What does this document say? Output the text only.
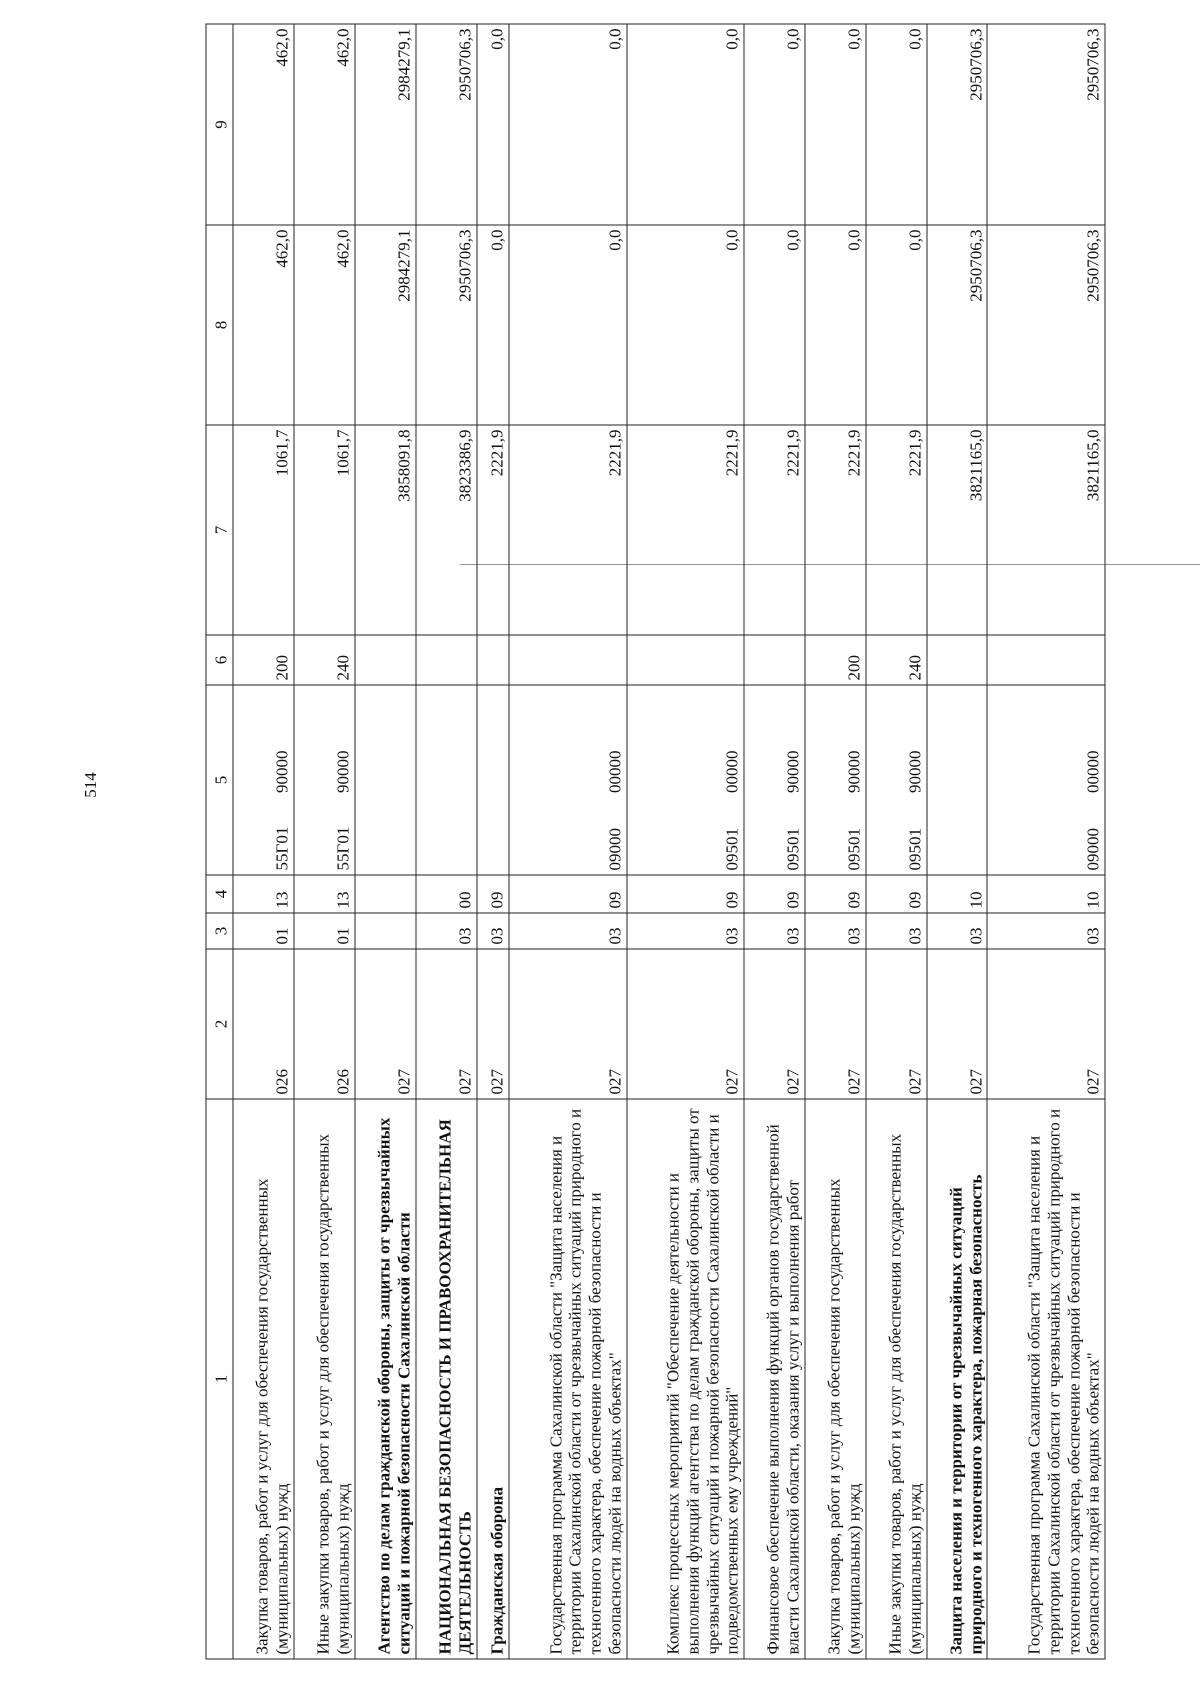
514
1	2	3	4	5	6	7	8	9
Закупка товаров, работ и услуг для обеспечения государственных (муниципальных) нужд	026	01	13	55Г0190000	200	1061,7	462,0	462,0
Иные закупки товаров, работ и услуг для обеспечения государственных (муниципальных) нужд	026	01	13	55Г0190000	240	1061,7	462,0	462,0
Агентство по делам гражданской обороны, защиты от чрезвычайных ситуаций и пожарной безопасности Сахалинской области	027					3858091,8	2984279,1	2984279,1
НАЦИОНАЛЬНАЯ БЕЗОПАСНОСТЬ И ПРАВООХРАНИТЕЛЬНАЯ ДЕЯТЕЛЬНОСТЬ	027	03	00			3823386,9	2950706,3	2950706,3
Гражданская оборона	027	03	09			2221,9	0,0	0,0
Государственная программа Сахалинской области "Защита населения и территории Сахалинской области от чрезвычайных ситуаций природного и техногенного характера, обеспечение пожарной безопасности и безопасности людей на водных объектах"	027	03	09	0900000000		2221,9	0,0	0,0
Комплекс процессных мероприятий "Обеспечение деятельности и выполнения функций агентства по делам гражданской обороны, защиты от чрезвычайных ситуаций и пожарной безопасности Сахалинской области и подведомственных ему учреждений"	027	03	09	0950100000		2221,9	0,0	0,0
Финансовое обеспечение выполнения функций органов государственной власти Сахалинской области, оказания услуг и выполнения работ	027	03	09	0950190000		2221,9	0,0	0,0
Закупка товаров, работ и услуг для обеспечения государственных (муниципальных) нужд	027	03	09	0950190000	200	2221,9	0,0	0,0
Иные закупки товаров, работ и услуг для обеспечения государственных (муниципальных) нужд	027	03	09	0950190000	240	2221,9	0,0	0,0
Защита населения и территории от чрезвычайных ситуаций природного и техногенного характера, пожарная безопасность	027	03	10			3821165,0	2950706,3	2950706,3
Государственная программа Сахалинской области "Защита населения и территории Сахалинской области от чрезвычайных ситуаций природного и техногенного характера, обеспечение пожарной безопасности и безопасности людей на водных объектах"	027	03	10	0900000000		3821165,0	2950706,3	2950706,3
